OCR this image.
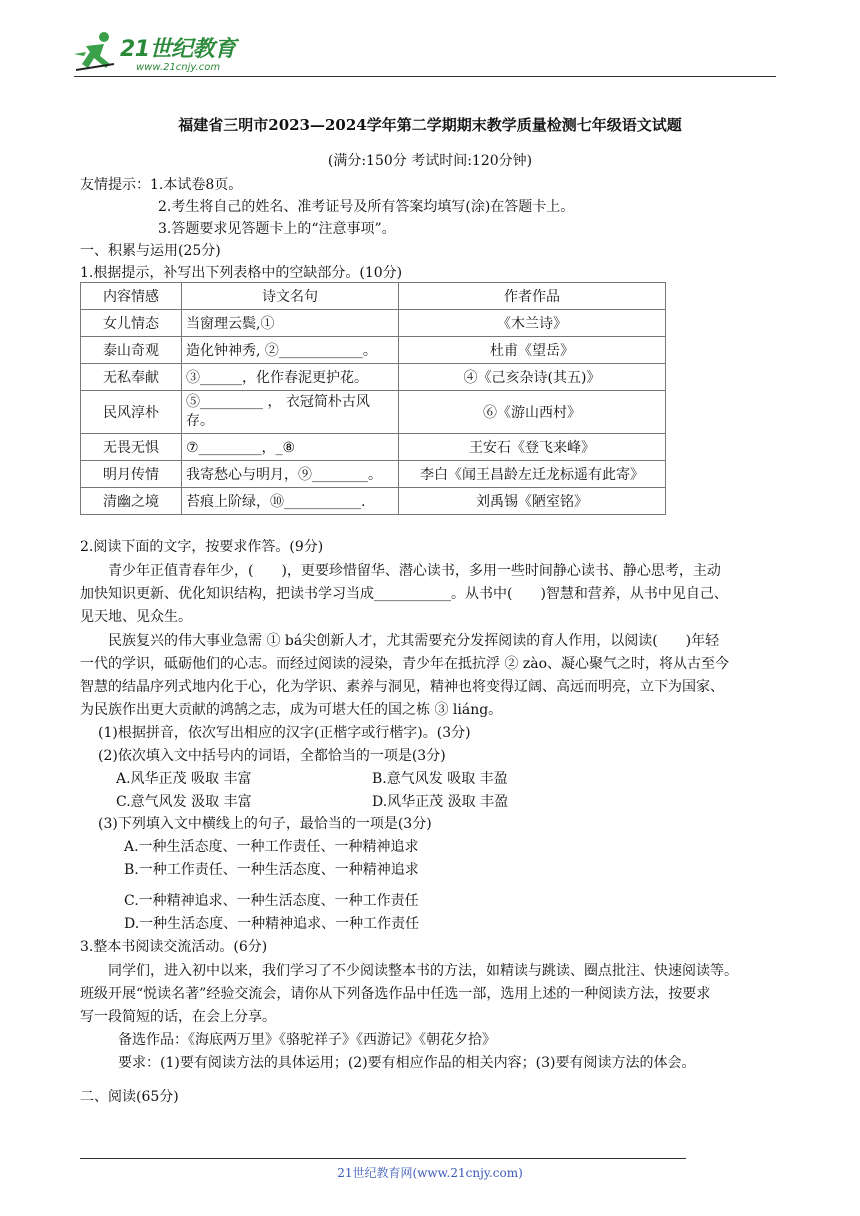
21世纪教育
www.21cnjy.com
福建省三明市2023—2024学年第二学期期末教学质量检测七年级语文试题
(满分:150分 考试时间:120分钟)
友情提示：1.本试卷8页。
2.考生将自己的姓名、准考证号及所有答案均填写(涂)在答题卡上。
3.答题要求见答题卡上的“注意事项”。
一、积累与运用(25分)
1.根据提示，补写出下列表格中的空缺部分。(10分)
内容情感	诗文名句	作者作品
女儿情态	当窗理云鬓,①	《木兰诗》
泰山奇观	造化钟神秀, ②____________。	杜甫《望岳》
无私奉献	③______，化作春泥更护花。	④《己亥杂诗(其五)》
民风淳朴	⑤_________ ， 衣冠简朴古风存。	⑥《游山西村》
无畏无惧	⑦_________，_⑧	王安石《登飞来峰》
明月传情	我寄愁心与明月，⑨________。	李白《闻王昌龄左迁龙标遥有此寄》
清幽之境	苔痕上阶绿，⑩___________.	刘禹锡《陋室铭》
2.阅读下面的文字，按要求作答。(9分)
青少年正值青春年少，(　　)，更要珍惜留华、潜心读书，多用一些时间静心读书、静心思考，主动
加快知识更新、优化知识结构，把读书学习当成___________。从书中(　　)智慧和营养，从书中见自己、
见天地、见众生。
民族复兴的伟大事业急需 ① bá尖创新人才，尤其需要充分发挥阅读的育人作用，以阅读(　　)年轻
一代的学识，砥砺他们的心志。而经过阅读的浸染，青少年在抵抗浮 ② zào、凝心聚气之时，将从古至今
智慧的结晶序列式地内化于心，化为学识、素养与洞见，精神也将变得辽阔、高远而明亮，立下为国家、
为民族作出更大贡献的鸿鹄之志，成为可堪大任的国之栋 ③ liáng。
(1)根据拼音，依次写出相应的汉字(正楷字或行楷字)。(3分)
(2)依次填入文中括号内的词语，全都恰当的一项是(3分)
A.风华正茂 吸取 丰富	B.意气风发 吸取 丰盈
C.意气风发 汲取 丰富	D.风华正茂 汲取 丰盈
(3)下列填入文中横线上的句子，最恰当的一项是(3分)
A.一种生活态度、一种工作责任、一种精神追求
B.一种工作责任、一种生活态度、一种精神追求
C.一种精神追求、一种生活态度、一种工作责任
D.一种生活态度、一种精神追求、一种工作责任
3.整本书阅读交流活动。(6分)
同学们，进入初中以来，我们学习了不少阅读整本书的方法，如精读与跳读、圈点批注、快速阅读等。
班级开展“悦读名著”经验交流会，请你从下列备选作品中任选一部，选用上述的一种阅读方法，按要求
写一段简短的话，在会上分享。
备选作品：《海底两万里》《骆驼祥子》《西游记》《朝花夕拾》
要求：(1)要有阅读方法的具体运用；(2)要有相应作品的相关内容；(3)要有阅读方法的体会。
二、阅读(65分)
21世纪教育网(www.21cnjy.com)
